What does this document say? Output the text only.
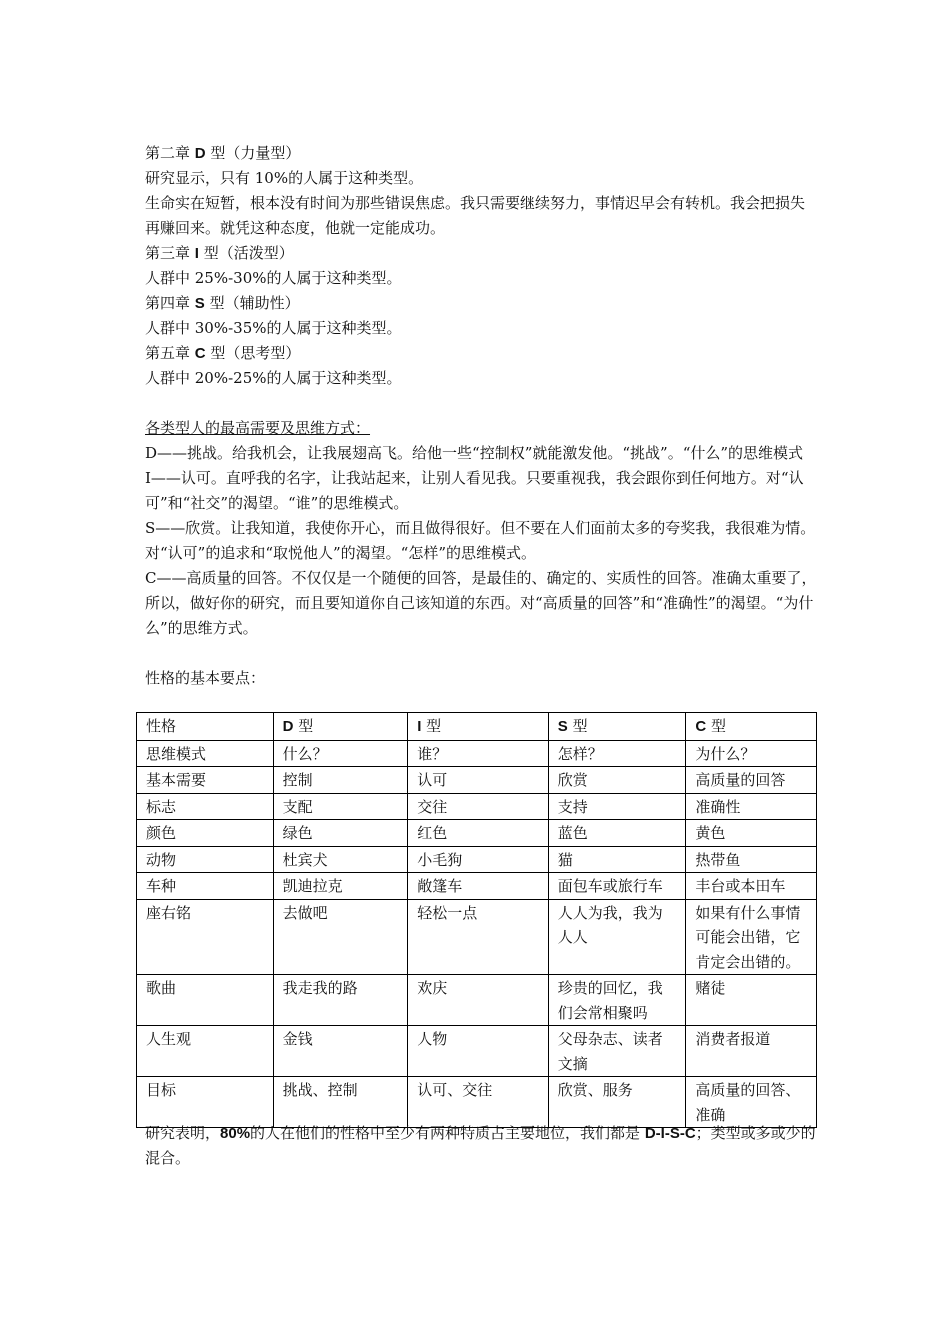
第二章 D 型（力量型）
研究显示，只有 10%的人属于这种类型。
生命实在短暂，根本没有时间为那些错误焦虑。我只需要继续努力，事情迟早会有转机。我会把损失再赚回来。就凭这种态度，他就一定能成功。
第三章 I 型（活泼型）
人群中 25%-30%的人属于这种类型。
第四章 S 型（辅助性）
人群中 30%-35%的人属于这种类型。
第五章 C 型（思考型）
人群中 20%-25%的人属于这种类型。
各类型人的最高需要及思维方式：
D——挑战。给我机会，让我展翅高飞。给他一些“控制权”就能激发他。“挑战”。“什么”的思维模式
I——认可。直呼我的名字，让我站起来，让别人看见我。只要重视我，我会跟你到任何地方。对“认可”和“社交”的渴望。“谁”的思维模式。
S——欣赏。让我知道，我使你开心，而且做得很好。但不要在人们面前太多的夸奖我，我很难为情。对“认可”的追求和“取悦他人”的渴望。“怎样”的思维模式。
C——高质量的回答。不仅仅是一个随便的回答，是最佳的、确定的、实质性的回答。准确太重要了，所以，做好你的研究，而且要知道你自己该知道的东西。对“高质量的回答”和“准确性”的渴望。“为什么”的思维方式。
性格的基本要点：
性格	D 型	I 型	S 型	C 型
思维模式	什么？	谁？	怎样？	为什么？
基本需要	控制	认可	欣赏	高质量的回答
标志	支配	交往	支持	准确性
颜色	绿色	红色	蓝色	黄色
动物	杜宾犬	小毛狗	猫	热带鱼
车种	凯迪拉克	敞篷车	面包车或旅行车	丰台或本田车
座右铭	去做吧	轻松一点	人人为我，我为人人	如果有什么事情可能会出错，它肯定会出错的。
歌曲	我走我的路	欢庆	珍贵的回忆，我们会常相聚吗	赌徒
人生观	金钱	人物	父母杂志、读者文摘	消费者报道
目标	挑战、控制	认可、交往	欣赏、服务	高质量的回答、准确
研究表明，80%的人在他们的性格中至少有两种特质占主要地位，我们都是 D-I-S-C；类型或多或少的混合。
